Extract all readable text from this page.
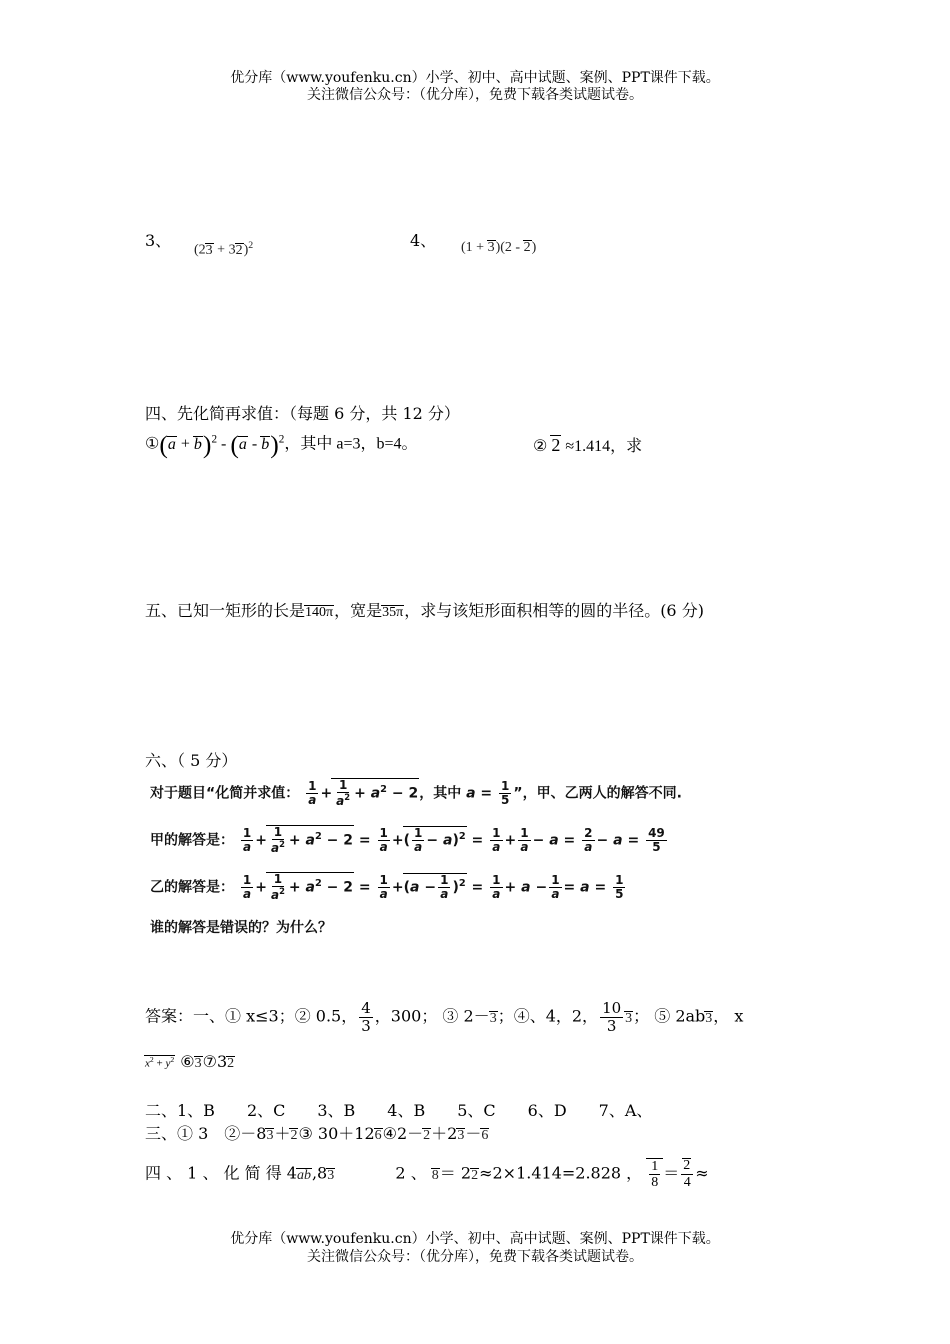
优分库（www.youfenku.cn）小学、初中、高中试题、案例、PPT课件下载。
关注微信公众号：（优分库），免费下载各类试题试卷。
3、
$(23 + 32)^2$	4、 (1 + 3)(2 - 2)
四、先化简再求值：（每题 6 分，共 12 分）
①(a + b)$^2$ - (a - b)$^2$，其中 a=3，b=4。	② 2 ≈1.414，求
五、已知一矩形的长是140π，宽是35π，求与该矩形面积相等的圆的半径。(6 分)
六、（ 5 分）
对于题目“化简并求值： $\frac{1}{a} + \frac{1}{a^2} + a^2 - 2$，其中 $a = \frac{1}{5}$ ”，甲、乙两人的解答不同.
甲的解答是： $\frac{1}{a} + \frac{1}{a^2} + a^2 - 2 = \frac{1}{a}$ +( $\frac{1}{a} - a)^2 = \frac{1}{a} + \frac{1}{a} - a = \frac{2}{a} - a = \frac{49}{5}$
乙的解答是： $\frac{1}{a} + \frac{1}{a^2} + a^2 - 2 = \frac{1}{a} +(a - \frac{1}{a} )^2 = \frac{1}{a} + a - \frac{1}{a} = a = \frac{1}{5}$
谁的解答是错误的？为什么？
答案：一、① x≤3；② 0.5， $\frac{4}{3}$ ，300； ③ 2－3；④、4，2， $\frac{10}{3} 3$； ⑤ 2ab3， x
$x^2 + y^2$ ⑥3⑦32
二、1、B　　2、C　　3、B　　4、B　　5、C　　6、D　　7、A、
三、① 3　②－83＋2③ 30＋126④2－2＋23－6
四 、 1 、 化 简 得 4ab,83	2 、 8＝ 22≈2×1.414=2.828 ， $\frac{1}{8} = \frac{2}{4}$ ≈
优分库（www.youfenku.cn）小学、初中、高中试题、案例、PPT课件下载。
关注微信公众号：（优分库），免费下载各类试题试卷。
